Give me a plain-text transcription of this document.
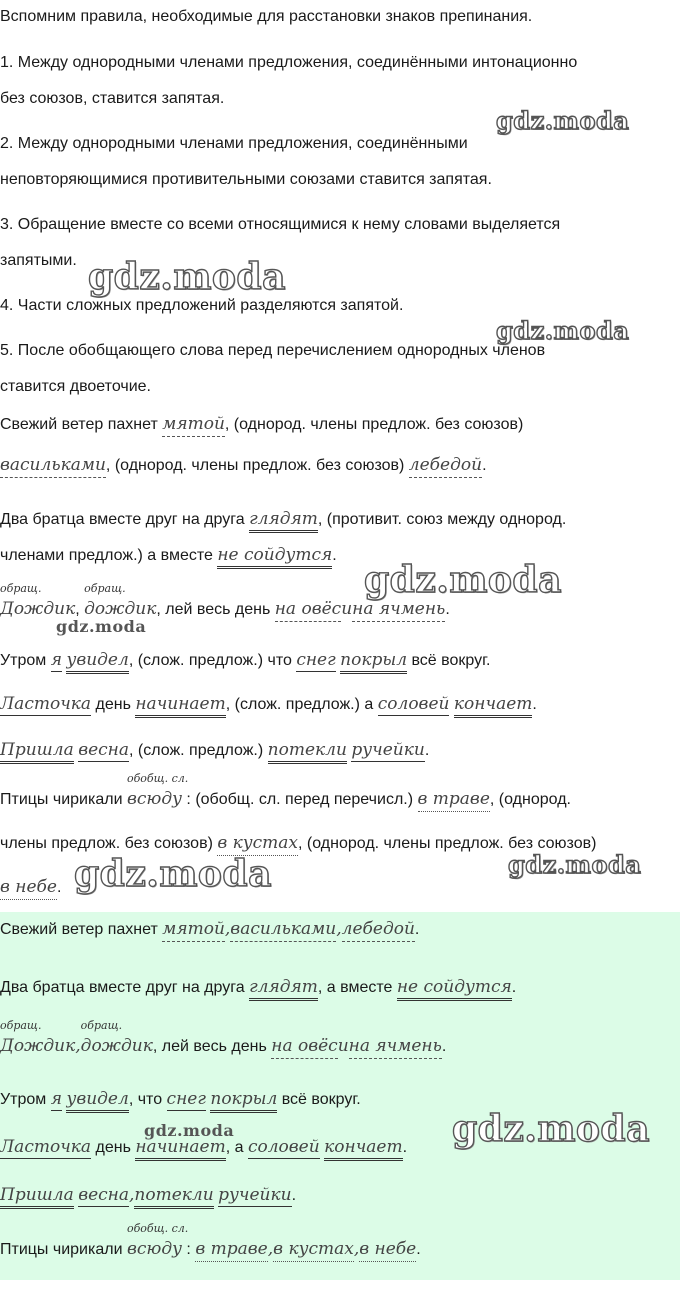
Вспомним правила, необходимые для расстановки знаков препинания.
1. Между однородными членами предложения, соединёнными интонационно
без союзов, ставится запятая.
2. Между однородными членами предложения, соединёнными
неповторяющимися противительными союзами ставится запятая.
3. Обращение вместе со всеми относящимися к нему словами выделяется
запятыми.
4. Части сложных предложений разделяются запятой.
5. После обобщающего слова перед перечислением однородных членов
ставится двоеточие.
Свежий ветер пахнет мятой, (однород. члены предлож. без союзов)
васильками, (однород. члены предлож. без союзов) лебедой.
Два братца вместе друг на друга глядят, (противит. союз между однород.
членами предлож.) а вместе не сойдутся.
обращ.
Дождик,
обращ.
дождик, лей весь день на овёсина ячмень.
Утром я увидел, (слож. предлож.) что снег покрыл всё вокруг.
Ласточка день начинает, (слож. предлож.) а соловей кончает.
Пришла весна, (слож. предлож.) потекли ручейки.
Птицы чирикали
обобщ. сл.
всюду : (обобщ. сл. перед перечисл.) в траве, (однород.
члены предлож. без союзов) в кустах, (однород. члены предлож. без союзов)
в небе.
Свежий ветер пахнет мятой,васильками,лебедой.
Два братца вместе друг на друга глядят, а вместе не сойдутся.
обращ.
Дождик,
обращ.
дождик, лей весь день на овёсина ячмень.
Утром я увидел, что снег покрыл всё вокруг.
Ласточка день начинает, а соловей кончает.
Пришла весна,потекли ручейки.
Птицы чирикали
обобщ. сл.
всюду : в траве,в кустах,в небе.
gdz.moda
gdz.moda
gdz.moda
gdz.moda
gdz.moda
gdz.moda
gdz.moda
gdz.moda	gdz.moda
